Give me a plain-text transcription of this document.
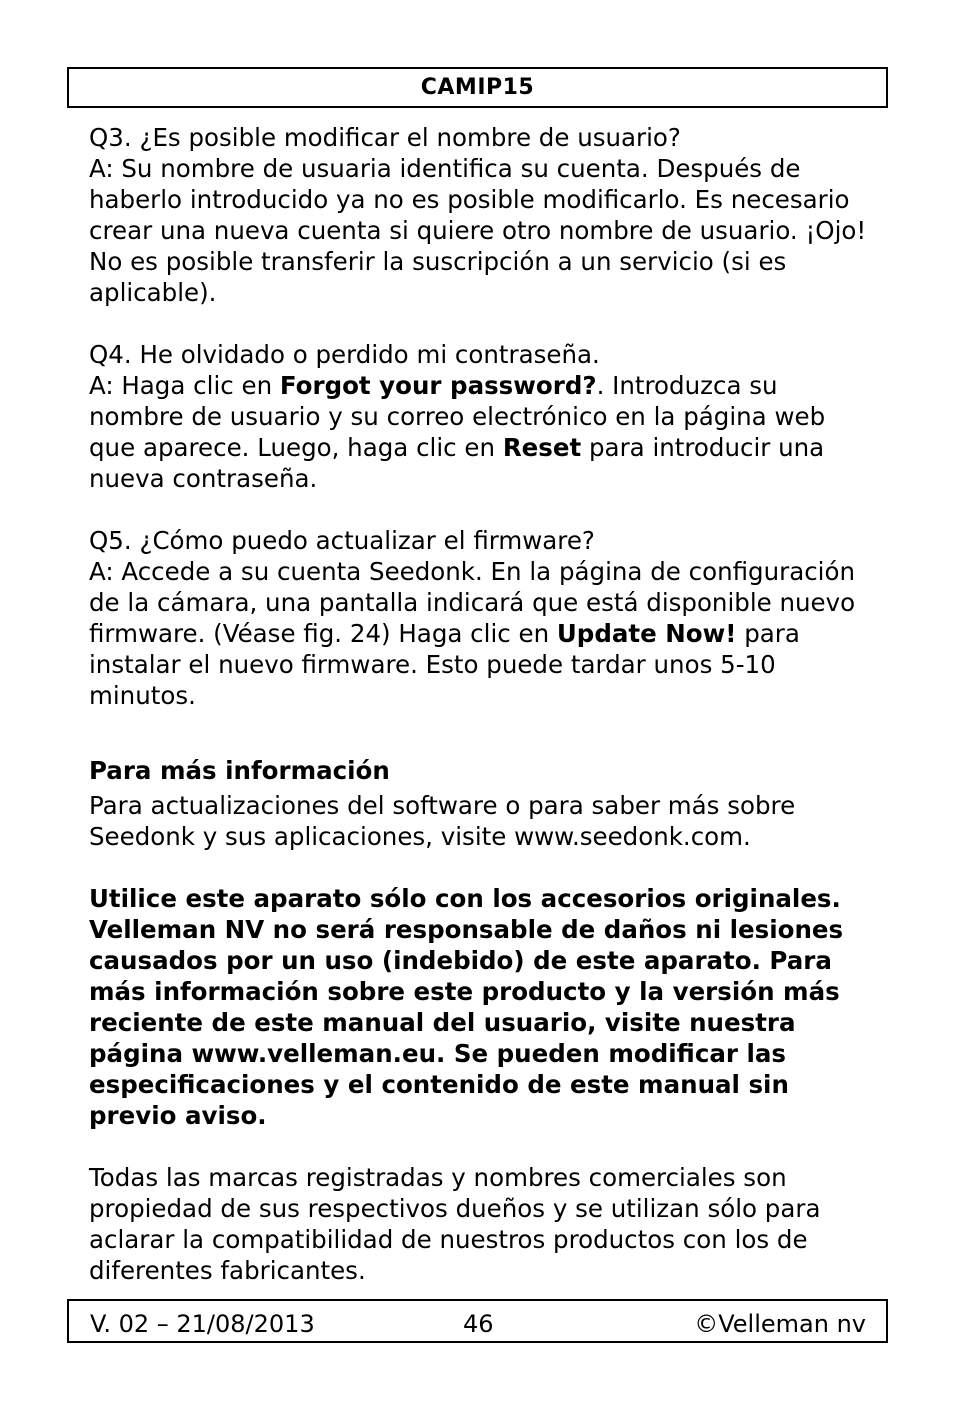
CAMIP15

Q3. ¿Es posible modificar el nombre de usuario?

A: Su nombre de usuaria identifica su cuenta. Después de haberlo introducido ya no es posible modificarlo. Es necesario crear una nueva cuenta si quiere otro nombre de usuario. ¡Ojo! No es posible transferir la suscripción a un servicio (si es aplicable).

Q4. He olvidado o perdido mi contraseña.

A: Haga clic en Forgot your password?. Introduzca su nombre de usuario y su correo electrónico en la página web que aparece. Luego, haga clic en Reset para introducir una nueva contraseña.

Q5. ¿Cómo puedo actualizar el firmware?

A: Accede a su cuenta Seedonk. En la página de configuración de la cámara, una pantalla indicará que está disponible nuevo firmware. (Véase fig. 24) Haga clic en Update Now! para instalar el nuevo firmware. Esto puede tardar unos 5-10 minutos.

Para más información

Para actualizaciones del software o para saber más sobre Seedonk y sus aplicaciones, visite www.seedonk.com.

Utilice este aparato sólo con los accesorios originales. Velleman NV no será responsable de daños ni lesiones causados por un uso (indebido) de este aparato. Para más información sobre este producto y la versión más reciente de este manual del usuario, visite nuestra página www.velleman.eu. Se pueden modificar las especificaciones y el contenido de este manual sin previo aviso.

Todas las marcas registradas y nombres comerciales son propiedad de sus respectivos dueños y se utilizan sólo para aclarar la compatibilidad de nuestros productos con los de diferentes fabricantes.

V. 02 – 21/08/2013	46	©Velleman nv
